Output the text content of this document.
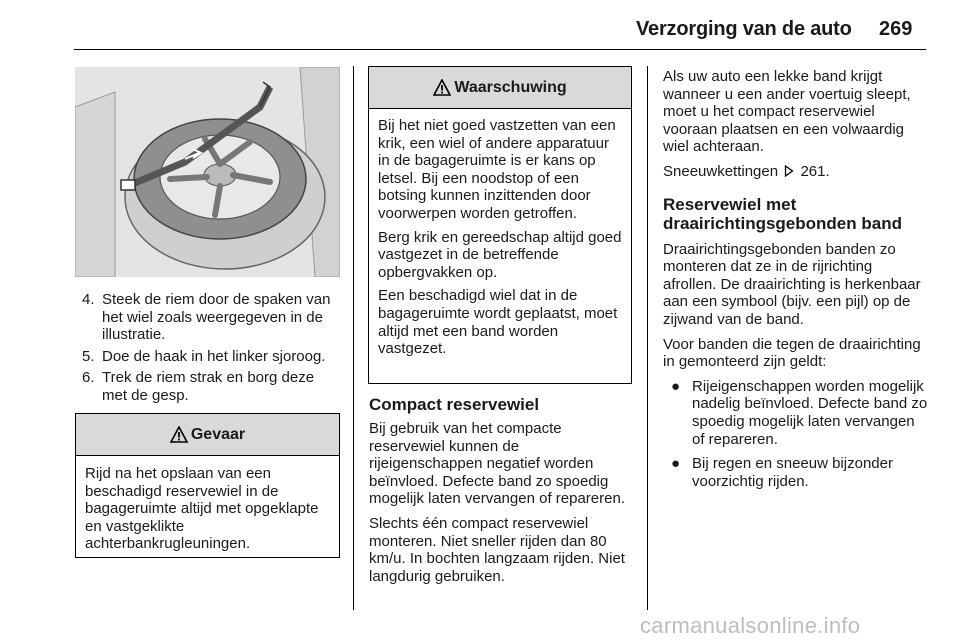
Verzorging van de auto 269
4. Steek de riem door de spaken van het wiel zoals weergegeven in de illustratie.
5. Doe de haak in het linker sjoroog.
6. Trek de riem strak en borg deze met de gesp.
Gevaar

Rijd na het opslaan van een beschadigd reservewiel in de bagageruimte altijd met opgeklapte en vastgeklikte achterbankrugleuningen.

Waarschuwing

Bij het niet goed vastzetten van een krik, een wiel of andere apparatuur in de bagageruimte is er kans op letsel. Bij een noodstop of een botsing kunnen inzittenden door voorwerpen worden getroffen.

Berg krik en gereedschap altijd goed vastgezet in de betreffende opbergvakken op.

Een beschadigd wiel dat in de bagageruimte wordt geplaatst, moet altijd met een band worden vastgezet.

Compact reservewiel

Bij gebruik van het compacte reservewiel kunnen de rijeigenschappen negatief worden beïnvloed. Defecte band zo spoedig mogelijk laten vervangen of repareren.

Slechts één compact reservewiel monteren. Niet sneller rijden dan 80 km/u. In bochten langzaam rijden. Niet langdurig gebruiken.

Als uw auto een lekke band krijgt wanneer u een ander voertuig sleept, moet u het compact reservewiel vooraan plaatsen en een volwaardig wiel achteraan.

Sneeuwkettingen 261.

Reservewiel met draairichtingsgebonden band

Draairichtingsgebonden banden zo monteren dat ze in de rijrichting afrollen. De draairichting is herkenbaar aan een symbool (bijv. een pijl) op de zijwand van de band.

Voor banden die tegen de draairichting in gemonteerd zijn geldt:

● Rijeigenschappen worden mogelijk nadelig beïnvloed. Defecte band zo spoedig mogelijk laten vervangen of repareren.
● Bij regen en sneeuw bijzonder voorzichtig rijden.
carmanualsonline.info
